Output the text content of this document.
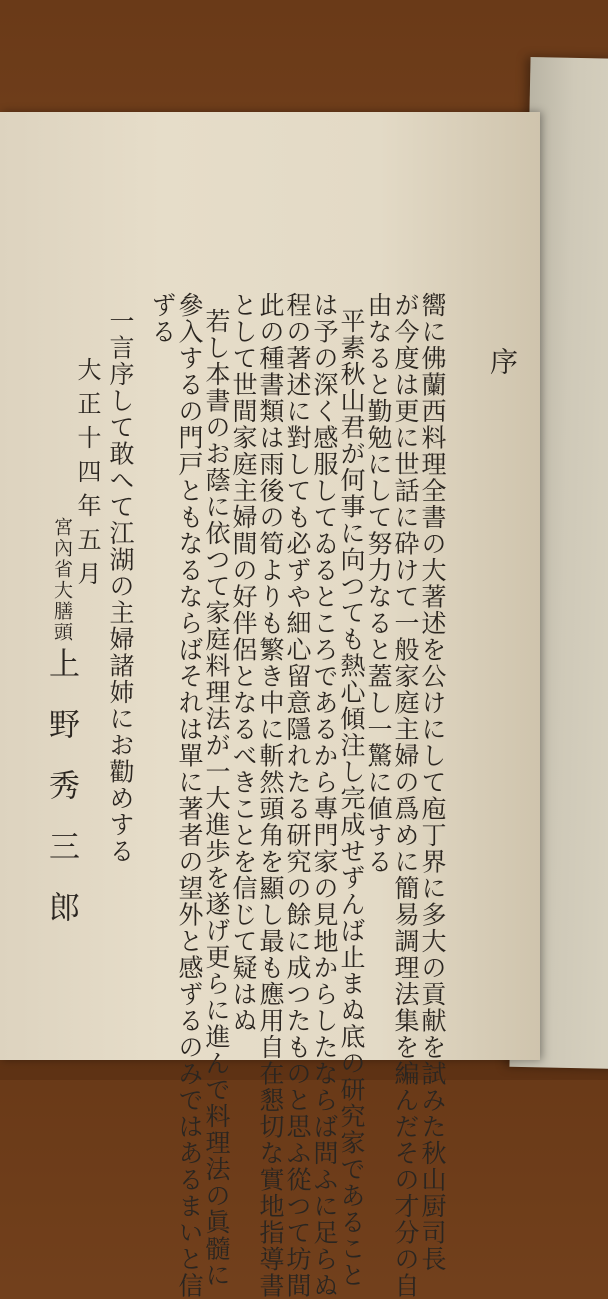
序
嚮に佛蘭西料理全書の大著述を公けにして庖丁界に多大の貢献を試みた秋山厨司長
が今度は更に世話に砕けて一般家庭主婦の爲めに簡易調理法集を編んだその才分の自
由なると勤勉にして努力なると蓋し一驚に値する
平素秋山君が何事に向つても熱心傾注し完成せずんば止まぬ底の研究家であること
は予の深く感服してゐるところであるから專門家の見地からしたならば問ふに足らぬ
程の著述に對しても必ずや細心留意隱れたる研究の餘に成つたものと思ふ從つて坊間
此の種書類は雨後の筍よりも繁き中に斬然頭角を顯し最も應用自在懇切な實地指導書
として世間家庭主婦間の好伴侶となるべきことを信じて疑はぬ
若し本書のお蔭に依つて家庭料理法が一大進歩を遂げ更らに進んで料理法の眞髓に
參入するの門戸ともなるならばそれは單に著者の望外と感ずるのみではあるまいと信
ずる
一言序して敢へて江湖の主婦諸姉にお勸めする
大正十四年五月
宮內省大膳頭
上野秀三郎
